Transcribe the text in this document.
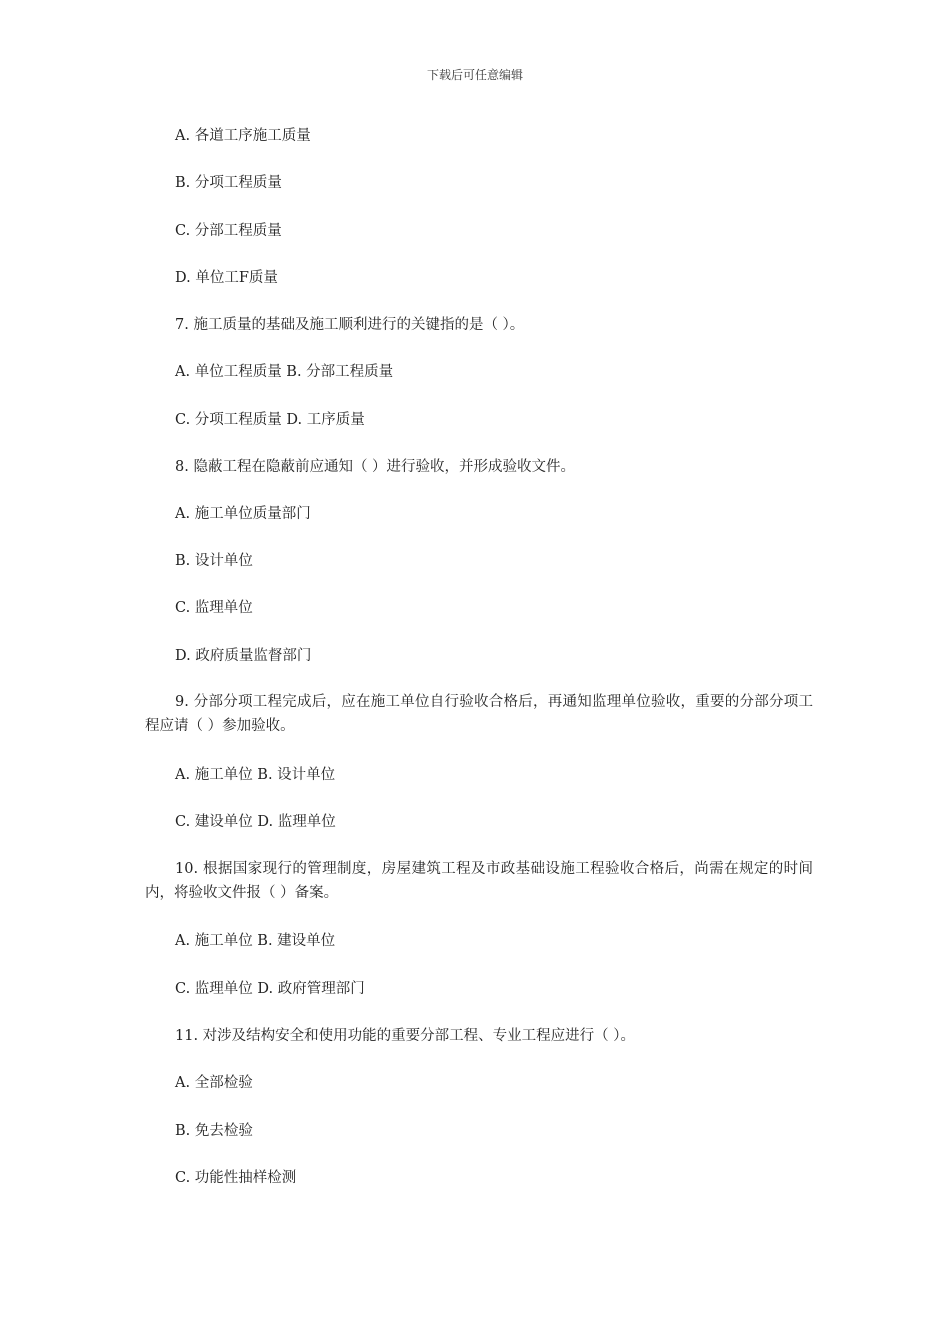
下载后可任意编辑
A. 各道工序施工质量
B. 分项工程质量
C. 分部工程质量
D. 单位工F质量
7. 施工质量的基础及施工顺利进行的关键指的是（ ）。
A. 单位工程质量 B. 分部工程质量
C. 分项工程质量 D. 工序质量
8. 隐蔽工程在隐蔽前应通知（ ）进行验收，并形成验收文件。
A. 施工单位质量部门
B. 设计单位
C. 监理单位
D. 政府质量监督部门
9. 分部分项工程完成后，应在施工单位自行验收合格后，再通知监理单位验收，重要的分部分项工程应请（ ）参加验收。
A. 施工单位 B. 设计单位
C. 建设单位 D. 监理单位
10. 根据国家现行的管理制度，房屋建筑工程及市政基础设施工程验收合格后，尚需在规定的时间内，将验收文件报（ ）备案。
A. 施工单位 B. 建设单位
C. 监理单位 D. 政府管理部门
11. 对涉及结构安全和使用功能的重要分部工程、专业工程应进行（ ）。
A. 全部检验
B. 免去检验
C. 功能性抽样检测
